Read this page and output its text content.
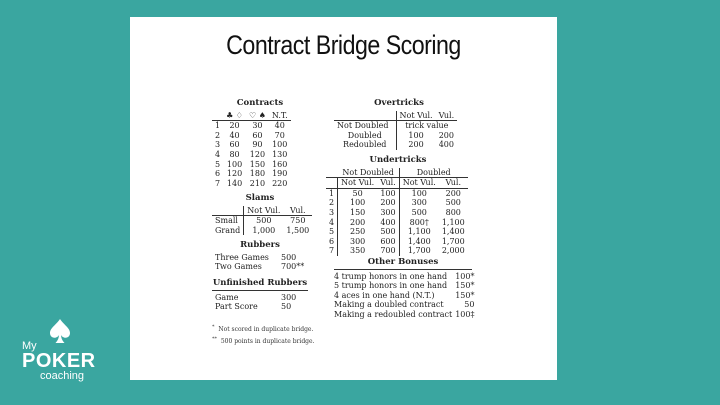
Contract Bridge Scoring
Contracts
	♣ ♢	♡ ♠	N.T.
1	20	30	40
2	40	60	70
3	60	90	100
4	80	120	130
5	100	150	160
6	120	180	190
7	140	210	220
Slams
	Not Vul.	Vul.
Small	500	750
Grand	1,000	1,500
Rubbers
Three Games	500
Two Games	700**
Unfinished Rubbers
Game	300
Part Score	50
* Not scored in duplicate bridge.
** 500 points in duplicate bridge.
Overtricks
	Not Vul.	Vul.
Not Doubled	trick value	
Doubled	100	200
Redoubled	200	400
Undertricks
	Not Doubled		Doubled	
	Not Vul.	Vul.	Not Vul.	Vul.
1	50	100	100	200
2	100	200	300	500
3	150	300	500	800
4	200	400	800†	1,100
5	250	500	1,100	1,400
6	300	600	1,400	1,700
7	350	700	1,700	2,000
Other Bonuses
4 trump honors in one hand	100*
5 trump honors in one hand	150*
4 aces in one hand (N.T.)	150*
Making a doubled contract	50
Making a redoubled contract	100‡
My
POKER
coaching
